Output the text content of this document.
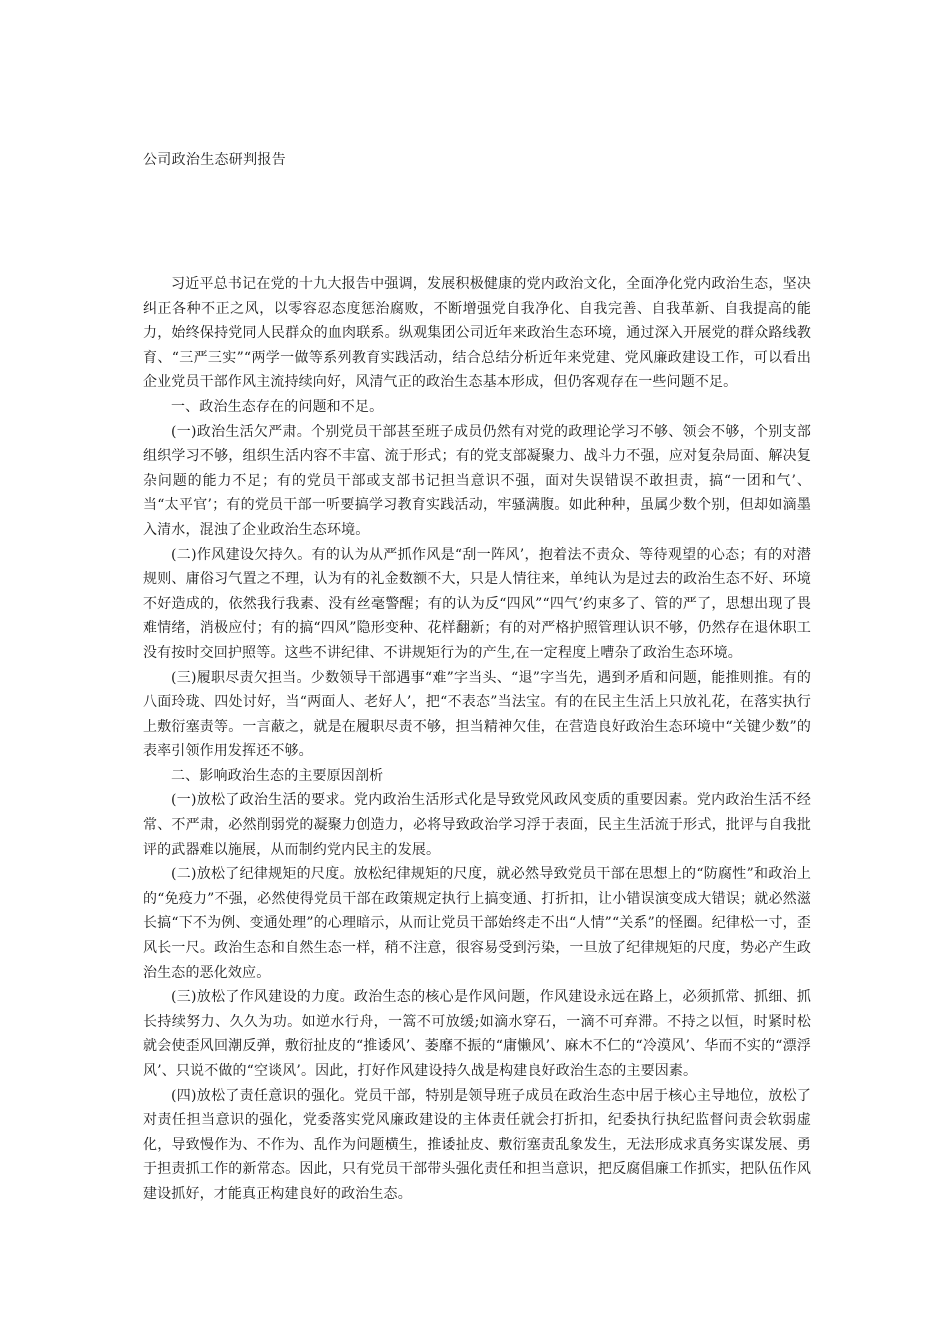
公司政治生态研判报告

习近平总书记在党的十九大报告中强调，发展积极健康的党内政治文化，全面净化党内政治生态，坚决纠正各种不正之风，以零容忍态度惩治腐败，不断增强党自我净化、自我完善、自我革新、自我提高的能力，始终保持党同人民群众的血肉联系。纵观集团公司近年来政治生态环境，通过深入开展党的群众路线教育、“三严三实”“两学一做等系列教育实践活动，结合总结分析近年来党建、党风廉政建设工作，可以看出企业党员干部作风主流持续向好，风清气正的政治生态基本形成，但仍客观存在一些问题不足。

一、政治生态存在的问题和不足。

(一)政治生活欠严肃。个别党员干部甚至班子成员仍然有对党的政理论学习不够、领会不够，个别支部组织学习不够，组织生活内容不丰富、流于形式；有的党支部凝聚力、战斗力不强，应对复杂局面、解决复杂问题的能力不足；有的党员干部或支部书记担当意识不强，面对失误错误不敢担责，搞“一团和气’、当“太平官’；有的党员干部一听要搞学习教育实践活动，牢骚满腹。如此种种，虽属少数个别，但却如滴墨入清水，混浊了企业政治生态环境。

(二)作风建设欠持久。有的认为从严抓作风是“刮一阵风’，抱着法不责众、等待观望的心态；有的对潜规则、庸俗习气置之不理，认为有的礼金数额不大，只是人情往来，单纯认为是过去的政治生态不好、环境不好造成的，依然我行我素、没有丝毫警醒；有的认为反“四风”“四气’约束多了、管的严了，思想出现了畏难情绪，消极应付；有的搞“四风”隐形变种、花样翻新；有的对严格护照管理认识不够，仍然存在退休职工没有按时交回护照等。这些不讲纪律、不讲规矩行为的产生,在一定程度上嘈杂了政治生态环境。

(三)履职尽责欠担当。少数领导干部遇事“难”字当头、“退”字当先，遇到矛盾和问题，能推则推。有的八面玲珑、四处讨好，当“两面人、老好人’，把“不表态”当法宝。有的在民主生活上只放礼花，在落实执行上敷衍塞责等。一言蔽之，就是在履职尽责不够，担当精神欠佳，在营造良好政治生态环境中“关键少数”的表率引领作用发挥还不够。

二、影响政治生态的主要原因剖析

(一)放松了政治生活的要求。党内政治生活形式化是导致党风政风变质的重要因素。党内政治生活不经常、不严肃，必然削弱党的凝聚力创造力，必将导致政治学习浮于表面，民主生活流于形式，批评与自我批评的武器难以施展，从而制约党内民主的发展。

(二)放松了纪律规矩的尺度。放松纪律规矩的尺度，就必然导致党员干部在思想上的“防腐性”和政治上的“免疫力”不强，必然使得党员干部在政策规定执行上搞变通、打折扣，让小错误演变成大错误；就必然滋长搞“下不为例、变通处理”的心理暗示，从而让党员干部始终走不出“人情”“关系”的怪圈。纪律松一寸，歪风长一尺。政治生态和自然生态一样，稍不注意，很容易受到污染，一旦放了纪律规矩的尺度，势必产生政治生态的恶化效应。

(三)放松了作风建设的力度。政治生态的核心是作风问题，作风建设永远在路上，必须抓常、抓细、抓长持续努力、久久为功。如逆水行舟，一篙不可放缓;如滴水穿石，一滴不可弃滞。不持之以恒，时紧时松就会使歪风回潮反弹，敷衍扯皮的“推诿风’、萎靡不振的“庸懒风’、麻木不仁的“冷漠风’、华而不实的“漂浮风’、只说不做的“空谈风’。因此，打好作风建设持久战是构建良好政治生态的主要因素。

(四)放松了责任意识的强化。党员干部，特别是领导班子成员在政治生态中居于核心主导地位，放松了对责任担当意识的强化，党委落实党风廉政建设的主体责任就会打折扣，纪委执行执纪监督问责会软弱虚化，导致慢作为、不作为、乱作为问题横生，推诿扯皮、敷衍塞责乱象发生，无法形成求真务实谋发展、勇于担责抓工作的新常态。因此，只有党员干部带头强化责任和担当意识，把反腐倡廉工作抓实，把队伍作风建设抓好，才能真正构建良好的政治生态。
